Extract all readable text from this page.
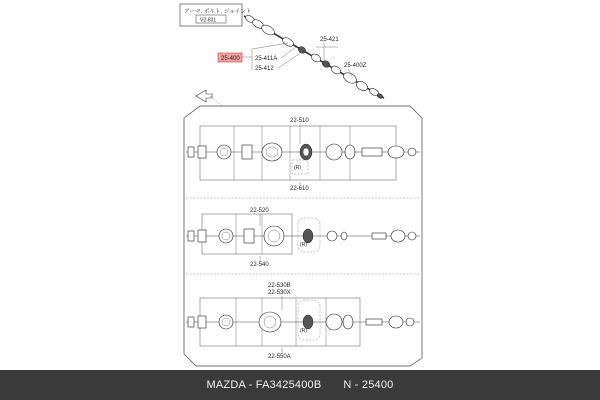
アーマ, ボルト, ジョイント
V2-601
25-400	25-411A
25-412
25-421
25-400Z
(R)
22-510
22-610
(R)
22-520
22-540
(R)
22-530B
22-530X
22-550A
MAZDA - FA3425400B N - 25400
